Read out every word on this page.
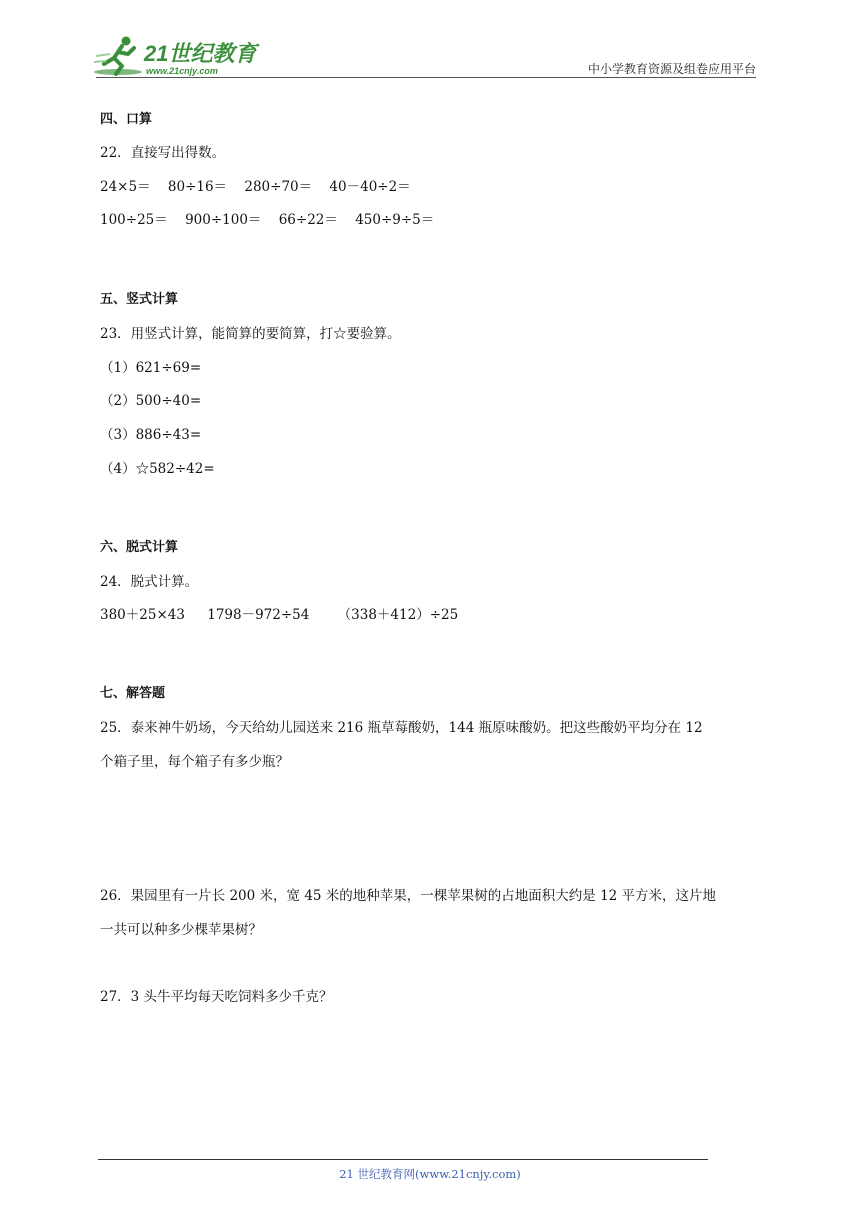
21世纪教育
www.21cnjy.com	中小学教育资源及组卷应用平台
四、口算
22．直接写出得数。
24×5＝ 80÷16＝ 280÷70＝ 40－40÷2＝
100÷25＝ 900÷100＝ 66÷22＝ 450÷9÷5＝
五、竖式计算
23．用竖式计算，能简算的要简算，打☆要验算。
（1）621÷69=
（2）500÷40=
（3）886÷43=
（4）☆582÷42=
六、脱式计算
24．脱式计算。
380＋25×43 1798－972÷54 （338＋412）÷25
七、解答题
25．泰来神牛奶场，今天给幼儿园送来 216 瓶草莓酸奶，144 瓶原味酸奶。把这些酸奶平均分在 12
个箱子里，每个箱子有多少瓶？
26．果园里有一片长 200 米，宽 45 米的地种苹果，一棵苹果树的占地面积大约是 12 平方米，这片地
一共可以种多少棵苹果树？
27．3 头牛平均每天吃饲料多少千克？
21 世纪教育网(www.21cnjy.com)
